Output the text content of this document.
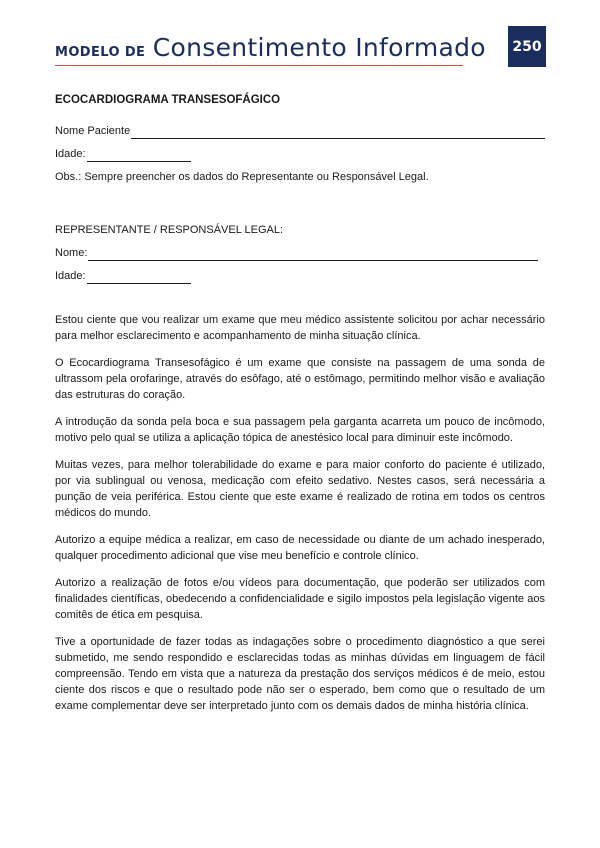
MODELO DE Consentimento Informado	250
ECOCARDIOGRAMA TRANSESOFÁGICO
Nome Paciente
Idade:
Obs.: Sempre preencher os dados do Representante ou Responsável Legal.
REPRESENTANTE / RESPONSÁVEL LEGAL:
Nome:
Idade:

Estou ciente que vou realizar um exame que meu médico assistente solicitou por achar necessário para melhor esclarecimento e acompanhamento de minha situação clínica.

O Ecocardiograma Transesofágico é um exame que consiste na passagem de uma sonda de ultrassom pela orofaringe, através do esôfago, até o estômago, permitindo melhor visão e avaliação das estruturas do coração.

A introdução da sonda pela boca e sua passagem pela garganta acarreta um pouco de incômodo, motivo pelo qual se utiliza a aplicação tópica de anestésico local para diminuir este incômodo.

Muitas vezes, para melhor tolerabilidade do exame e para maior conforto do paciente é utilizado, por via sublingual ou venosa, medicação com efeito sedativo. Nestes casos, será necessária a punção de veia periférica. Estou ciente que este exame é realizado de rotina em todos os centros médicos do mundo.

Autorizo a equipe médica a realizar, em caso de necessidade ou diante de um achado inesperado, qualquer procedimento adicional que vise meu benefício e controle clínico.

Autorizo a realização de fotos e/ou vídeos para documentação, que poderão ser utilizados com finalidades científicas, obedecendo a confidencialidade e sigilo impostos pela legislação vigente aos comitês de ética em pesquisa.

Tive a oportunidade de fazer todas as indagações sobre o procedimento diagnóstico a que serei submetido, me sendo respondido e esclarecidas todas as minhas dúvidas em linguagem de fácil compreensão. Tendo em vista que a natureza da prestação dos serviços médicos é de meio, estou ciente dos riscos e que o resultado pode não ser o esperado, bem como que o resultado de um exame complementar deve ser interpretado junto com os demais dados de minha história clínica.
